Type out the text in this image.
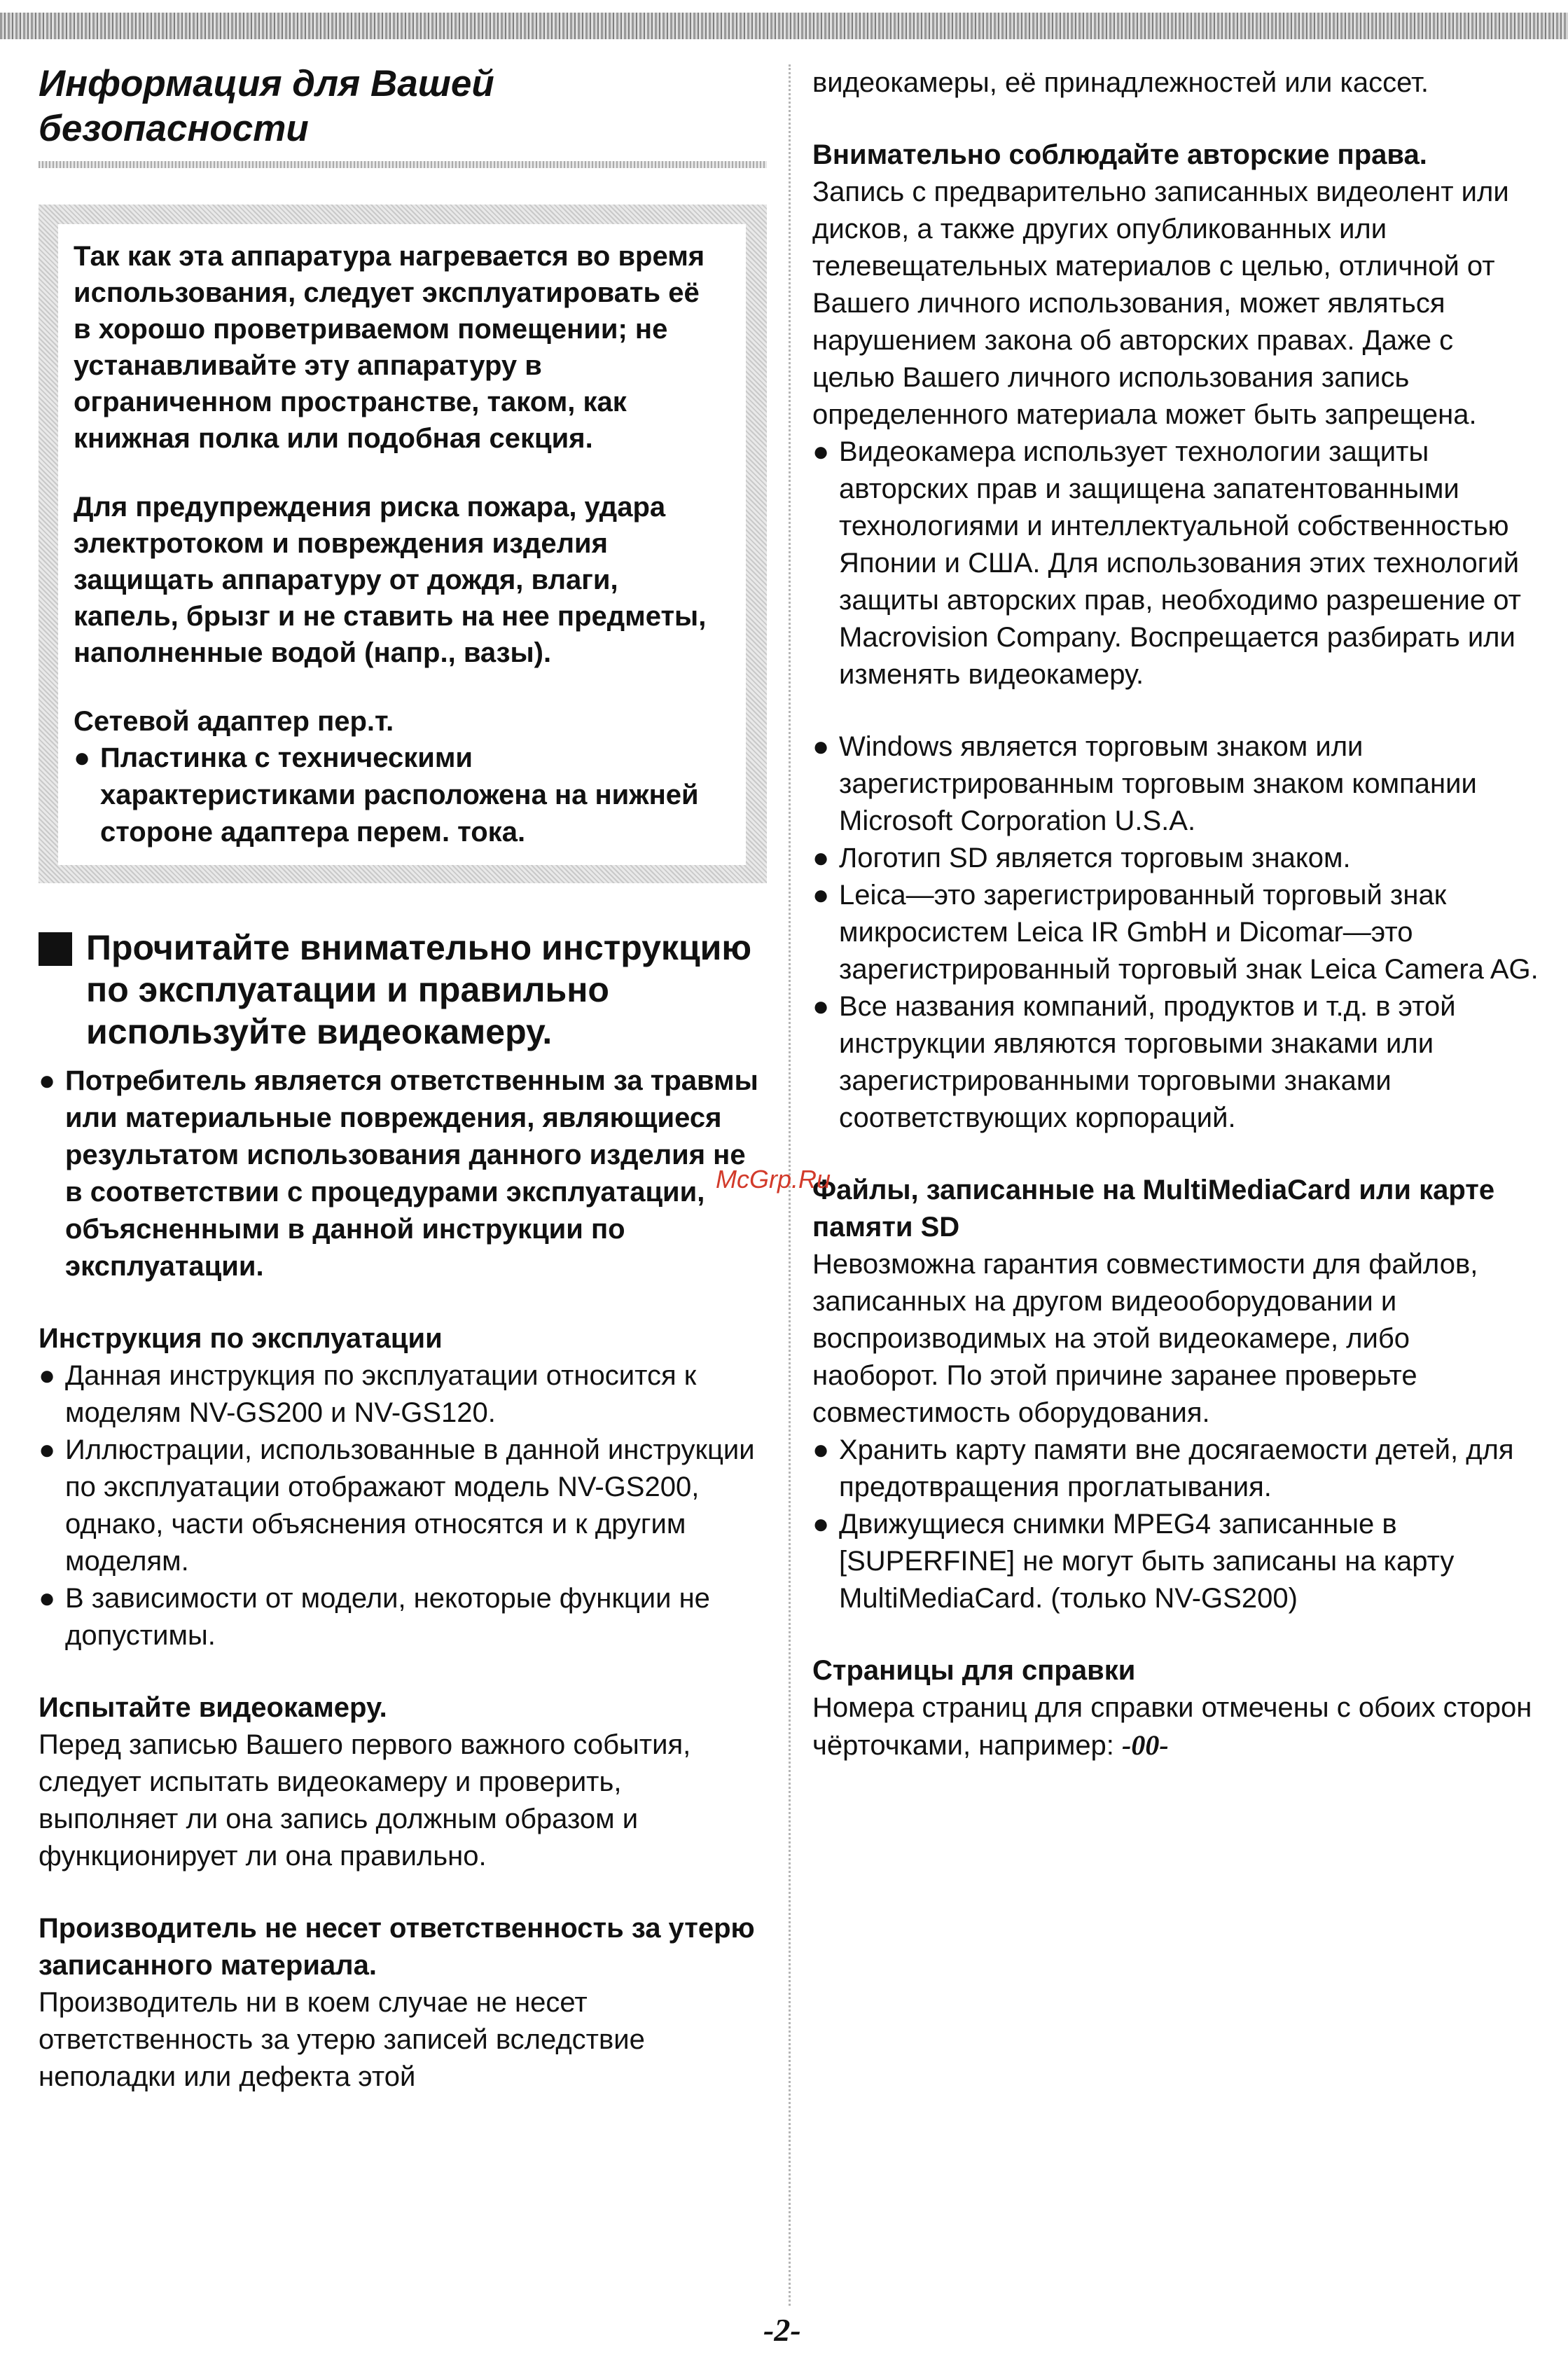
Информация для Вашей
безопасности

Так как эта аппаратура нагревается во время использования, следует эксплуатировать её в хорошо проветриваемом помещении; не устанавливайте эту аппаратуру в ограниченном пространстве, таком, как книжная полка или подобная секция.

Для предупреждения риска пожара, удара электротоком и повреждения изделия защищать аппаратуру от дождя, влаги, капель, брызг и не ставить на нее предметы, наполненные водой (напр., вазы).

Сетевой адаптер пер.т.

● Пластинка с техническими характеристиками расположена на нижней стороне адаптера перем. тока.
Прочитайте внимательно инструкцию по эксплуатации и правильно используйте видеокамеру.
● Потребитель является ответственным за травмы или материальные повреждения, являющиеся результатом использования данного изделия не в соответствии с процедурами эксплуатации, объясненными в данной инструкции по эксплуатации.
Инструкция по эксплуатации
● Данная инструкция по эксплуатации относится к моделям NV-GS200 и NV-GS120.
● Иллюстрации, использованные в данной инструкции по эксплуатации отображают модель NV-GS200, однако, части объяснения относятся и к другим моделям.
● В зависимости от модели, некоторые функции не допустимы.
Испытайте видеокамеру.
Перед записью Вашего первого важного события, следует испытать видеокамеру и проверить, выполняет ли она запись должным образом и функционирует ли она правильно.
Производитель не несет ответственность за утерю записанного материала.
Производитель ни в коем случае не несет ответственность за утерю записей вследствие неполадки или дефекта этой
видеокамеры, её принадлежностей или кассет.
Внимательно соблюдайте авторские права.
Запись с предварительно записанных видеолент или дисков, а также других опубликованных или телевещательных материалов с целью, отличной от Вашего личного использования, может являться нарушением закона об авторских правах. Даже с целью Вашего личного использования запись определенного материала может быть запрещена.
● Видеокамера использует технологии защиты авторских прав и защищена запатентованными технологиями и интеллектуальной собственностью Японии и США. Для использования этих технологий защиты авторских прав, необходимо разрешение от Macrovision Company. Воспрещается разбирать или изменять видеокамеру.
● Windows является торговым знаком или зарегистрированным торговым знаком компании Microsoft Corporation U.S.A.
● Логотип SD является торговым знаком.
● Leica—это зарегистрированный торговый знак микросистем Leica IR GmbH и Dicomar—это зарегистрированный торговый знак Leica Camera AG.
● Все названия компаний, продуктов и т.д. в этой инструкции являются торговыми знаками или зарегистрированными торговыми знаками соответствующих корпораций.
Файлы, записанные на MultiMediaCard или карте памяти SD
Невозможна гарантия совместимости для файлов, записанных на другом видеооборудовании и воспроизводимых на этой видеокамере, либо наоборот. По этой причине заранее проверьте совместимость оборудования.
● Хранить карту памяти вне досягаемости детей, для предотвращения проглатывания.
● Движущиеся снимки MPEG4 записанные в [SUPERFINE] не могут быть записаны на карту MultiMediaCard. (только NV-GS200)
Страницы для справки
Номера страниц для справки отмечены с обоих сторон чёрточками, например: -00-
McGrp.Ru
-2-
